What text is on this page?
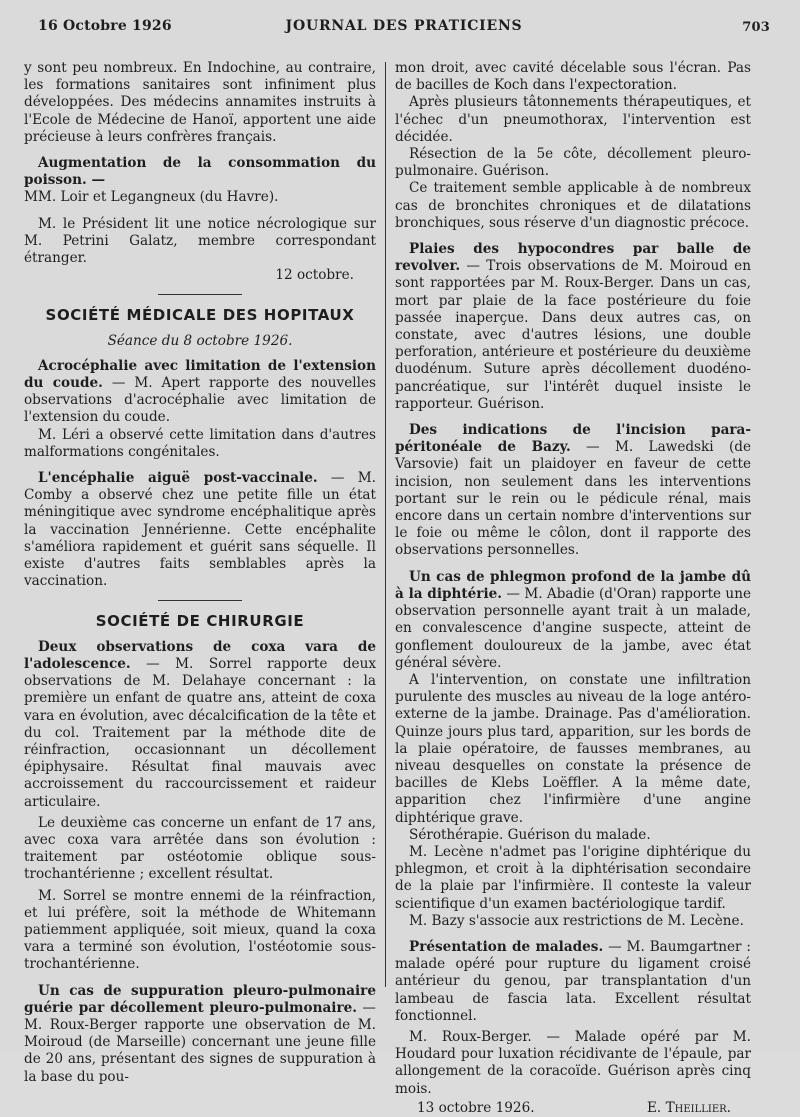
16 Octobre 1926	JOURNAL DES PRATICIENS	703

y sont peu nombreux. En Indochine, au contraire, les formations sanitaires sont infiniment plus développées. Des médecins annamites instruits à l'Ecole de Médecine de Hanoï, apportent une aide précieuse à leurs confrères français.

Augmentation de la consommation du poisson. —

MM. Loir et Legangneux (du Havre).

M. le Président lit une notice nécrologique sur M. Petrini Galatz, membre correspondant étranger.

12 octobre.

SOCIÉTÉ MÉDICALE DES HOPITAUX
Séance du 8 octobre 1926.

Acrocéphalie avec limitation de l'extension du coude. — M. Apert rapporte des nouvelles observations d'acrocéphalie avec limitation de l'extension du coude.

M. Léri a observé cette limitation dans d'autres malformations congénitales.

L'encéphalie aiguë post-vaccinale. — M. Comby a observé chez une petite fille un état méningitique avec syndrome encéphalitique après la vaccination Jennérienne. Cette encéphalite s'améliora rapidement et guérit sans séquelle. Il existe d'autres faits semblables après la vaccination.

SOCIÉTÉ DE CHIRURGIE

Deux observations de coxa vara de l'adolescence. — M. Sorrel rapporte deux observations de M. Delahaye concernant : la première un enfant de quatre ans, atteint de coxa vara en évolution, avec décalcification de la tête et du col. Traitement par la méthode dite de réinfraction, occasionnant un décollement épiphysaire. Résultat final mauvais avec accroissement du raccourcissement et raideur articulaire.

Le deuxième cas concerne un enfant de 17 ans, avec coxa vara arrêtée dans son évolution : traitement par ostéotomie oblique sous-trochantérienne ; excellent résultat.

M. Sorrel se montre ennemi de la réinfraction, et lui préfère, soit la méthode de Whitemann patiemment appliquée, soit mieux, quand la coxa vara a terminé son évolution, l'ostéotomie sous-trochantérienne.

Un cas de suppuration pleuro-pulmonaire guérie par décollement pleuro-pulmonaire. — M. Roux-Berger rapporte une observation de M. Moiroud (de Marseille) concernant une jeune fille de 20 ans, présentant des signes de suppuration à la base du pou-

mon droit, avec cavité décelable sous l'écran. Pas de bacilles de Koch dans l'expectoration.

Après plusieurs tâtonnements thérapeutiques, et l'échec d'un pneumothorax, l'intervention est décidée.

Résection de la 5e côte, décollement pleuro-pulmonaire. Guérison.

Ce traitement semble applicable à de nombreux cas de bronchites chroniques et de dilatations bronchiques, sous réserve d'un diagnostic précoce.

Plaies des hypocondres par balle de revolver. — Trois observations de M. Moiroud en sont rapportées par M. Roux-Berger. Dans un cas, mort par plaie de la face postérieure du foie passée inaperçue. Dans deux autres cas, on constate, avec d'autres lésions, une double perforation, antérieure et postérieure du deuxième duodénum. Suture après décollement duodéno-pancréatique, sur l'intérêt duquel insiste le rapporteur. Guérison.

Des indications de l'incision para-péritonéale de Bazy. — M. Lawedski (de Varsovie) fait un plaidoyer en faveur de cette incision, non seulement dans les interventions portant sur le rein ou le pédicule rénal, mais encore dans un certain nombre d'interventions sur le foie ou même le côlon, dont il rapporte des observations personnelles.

Un cas de phlegmon profond de la jambe dû à la diphtérie. — M. Abadie (d'Oran) rapporte une observation personnelle ayant trait à un malade, en convalescence d'angine suspecte, atteint de gonflement douloureux de la jambe, avec état général sévère.

A l'intervention, on constate une infiltration purulente des muscles au niveau de la loge antéro-externe de la jambe. Drainage. Pas d'amélioration. Quinze jours plus tard, apparition, sur les bords de la plaie opératoire, de fausses membranes, au niveau desquelles on constate la présence de bacilles de Klebs Loëffler. A la même date, apparition chez l'infirmière d'une angine diphtérique grave.

Sérothérapie. Guérison du malade.

M. Lecène n'admet pas l'origine diphtérique du phlegmon, et croit à la diphtérisation secondaire de la plaie par l'infirmière. Il conteste la valeur scientifique d'un examen bactériologique tardif.

M. Bazy s'associe aux restrictions de M. Lecène.

Présentation de malades. — M. Baumgartner : malade opéré pour rupture du ligament croisé antérieur du genou, par transplantation d'un lambeau de fascia lata. Excellent résultat fonctionnel.

M. Roux-Berger. — Malade opéré par M. Houdard pour luxation récidivante de l'épaule, par allongement de la coracoïde. Guérison après cinq mois.

13 octobre 1926.	E. Theillier.
